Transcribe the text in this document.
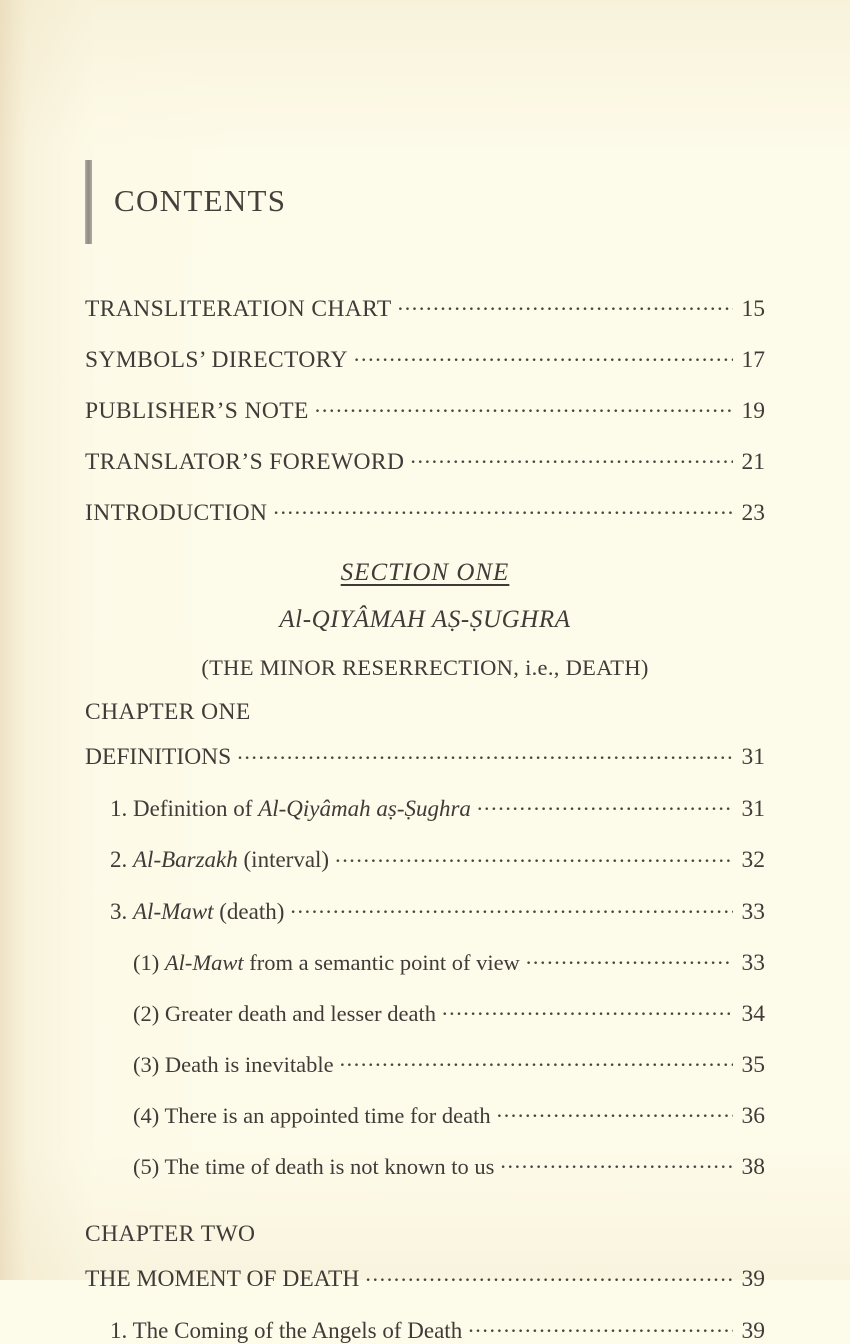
CONTENTS
TRANSLITERATION CHART .....	15
SYMBOLS’ DIRECTORY .....	17
PUBLISHER’S NOTE .....	19
TRANSLATOR’S FOREWORD .....	21
INTRODUCTION .....	23
SECTION ONE
Al-QIYÂMAH AṢ-ṢUGHRA
(THE MINOR RESERRECTION, i.e., DEATH)
CHAPTER ONE
DEFINITIONS .....	31
1. Definition of Al-Qiyâmah aṣ-Ṣughra .....	31
2. Al-Barzakh (interval) .....	32
3. Al-Mawt (death) .....	33
(1) Al-Mawt from a semantic point of view .....	33
(2) Greater death and lesser death .....	34
(3) Death is inevitable .....	35
(4) There is an appointed time for death .....	36
(5) The time of death is not known to us .....	38
CHAPTER TWO
THE MOMENT OF DEATH .....	39
1. The Coming of the Angels of Death .....	39
